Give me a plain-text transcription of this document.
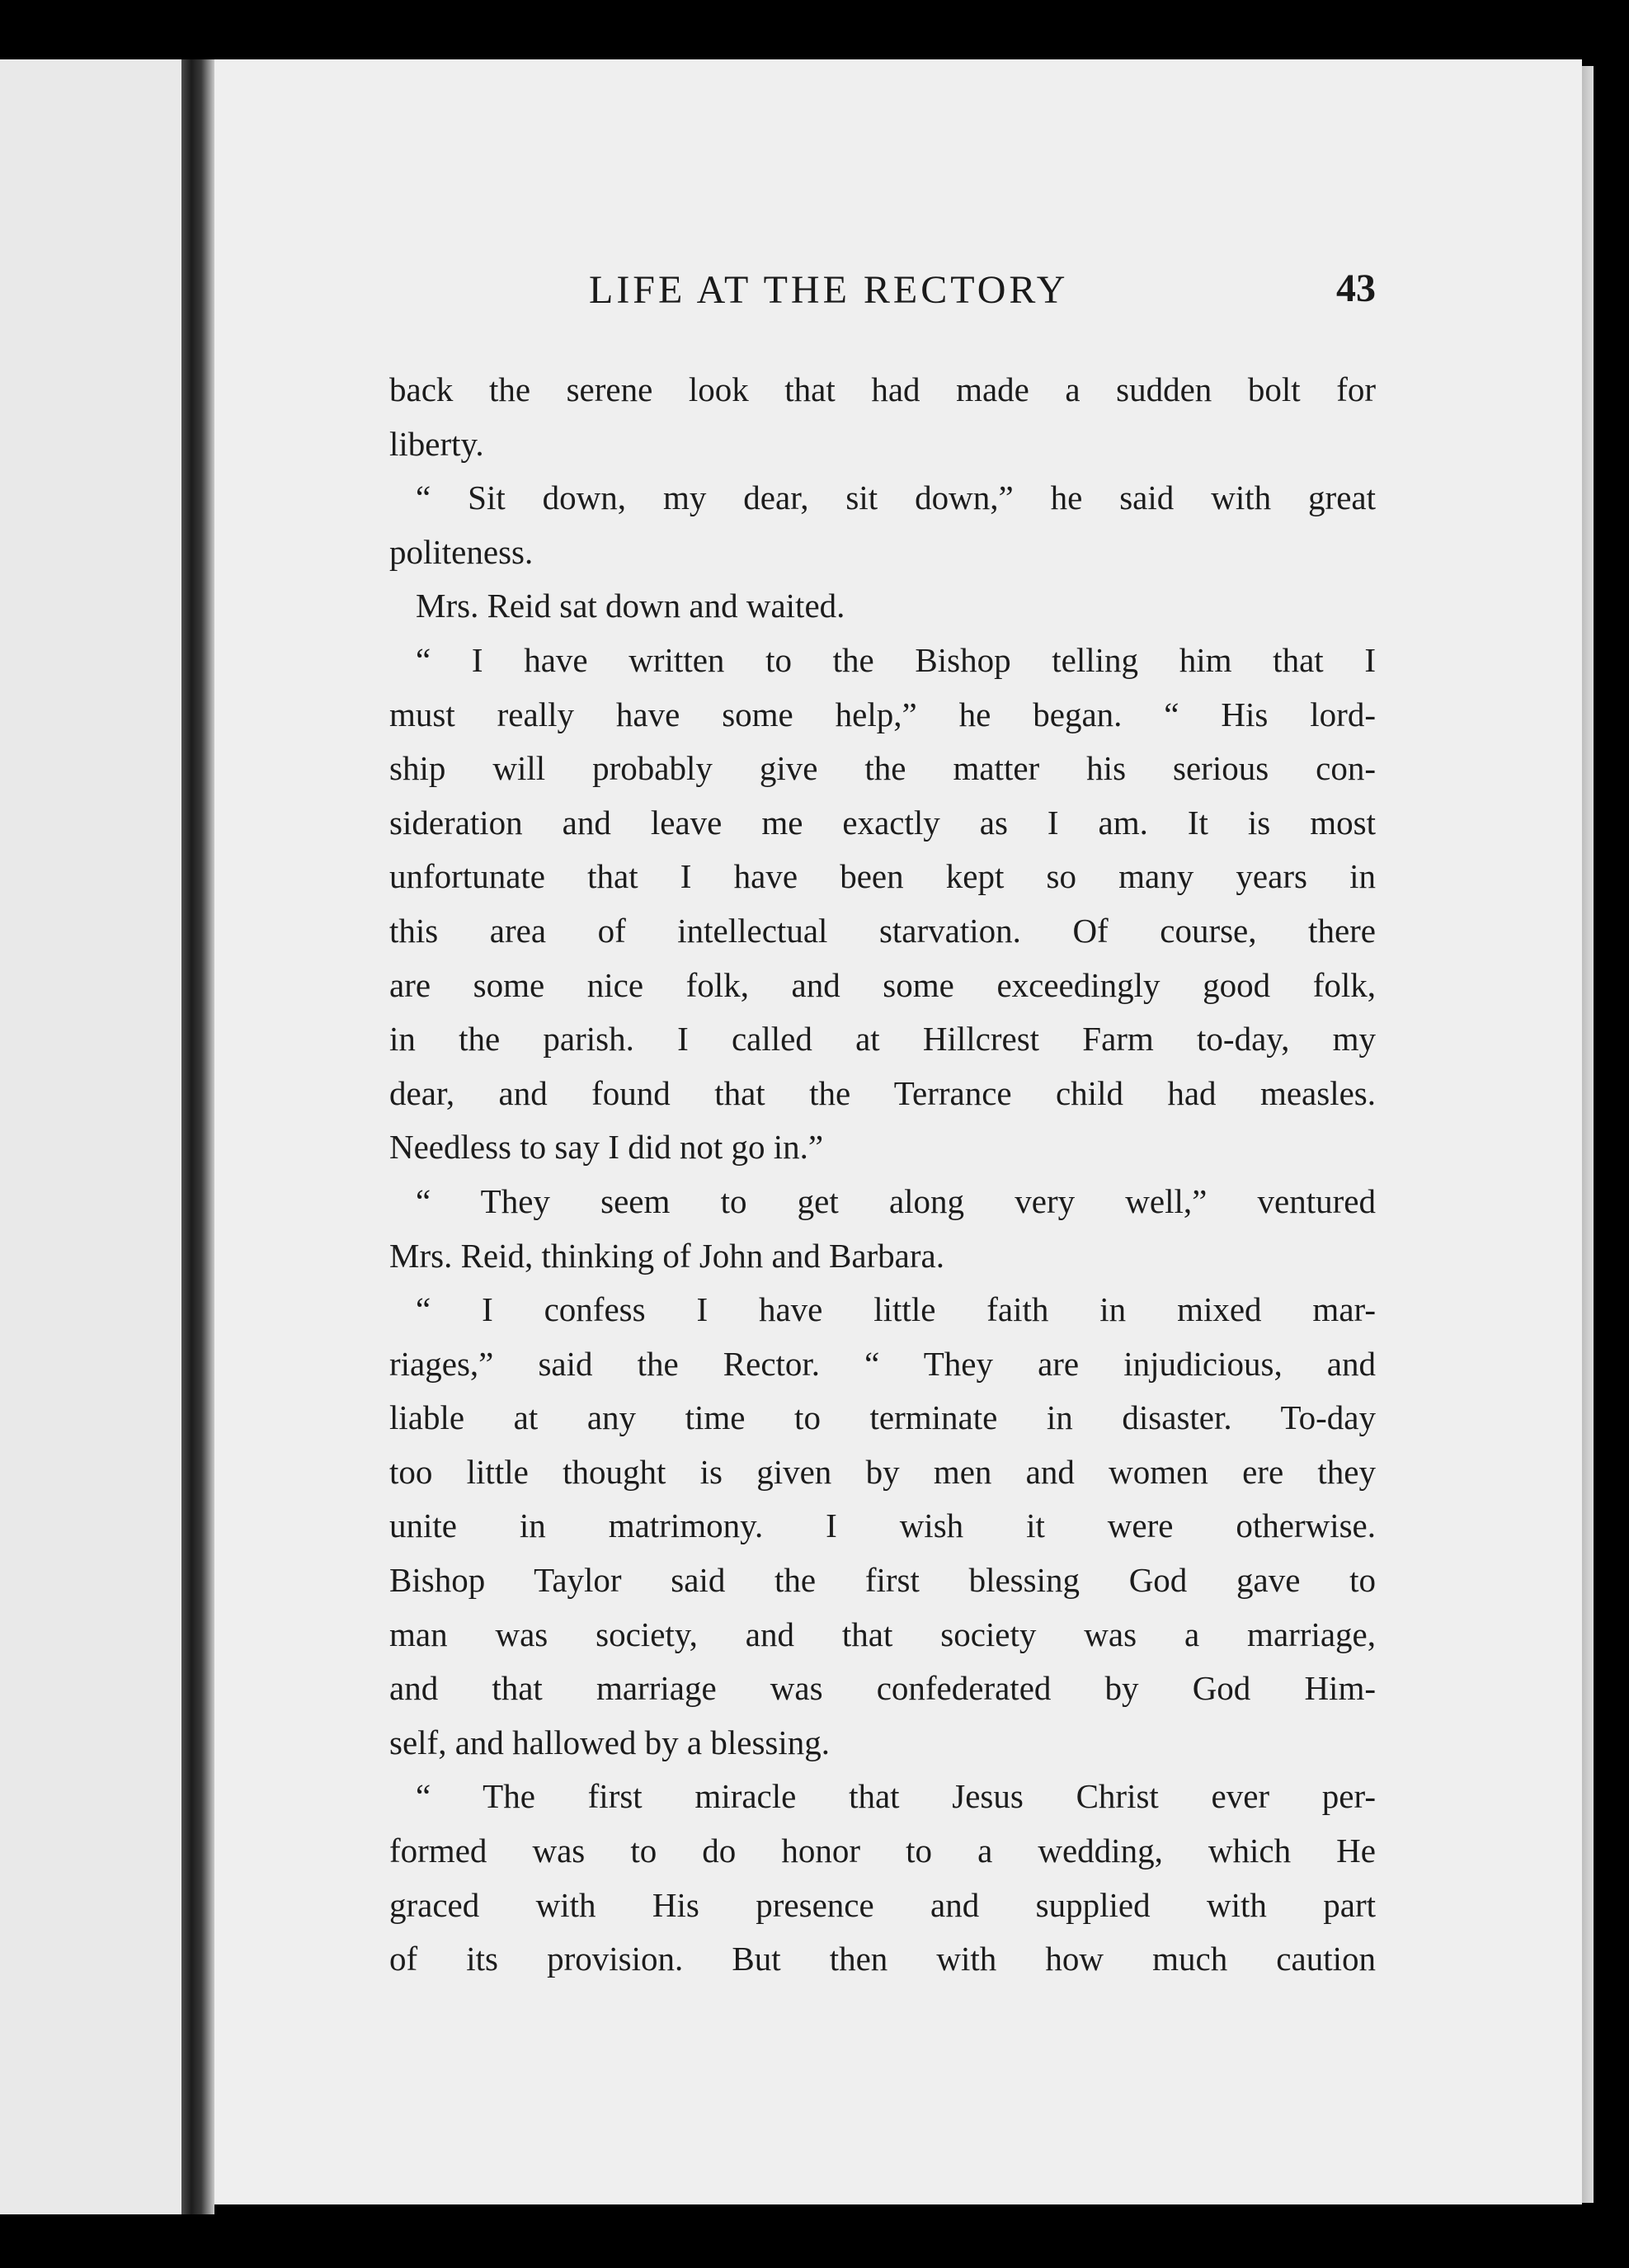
LIFE AT THE RECTORY	43

back the serene look that had made a sudden bolt for

liberty.

“ Sit down, my dear, sit down,” he said with great

politeness.

Mrs. Reid sat down and waited.

“ I have written to the Bishop telling him that I

must really have some help,” he began. “ His lord-

ship will probably give the matter his serious con-

sideration and leave me exactly as I am. It is most

unfortunate that I have been kept so many years in

this area of intellectual starvation. Of course, there

are some nice folk, and some exceedingly good folk,

in the parish. I called at Hillcrest Farm to-day, my

dear, and found that the Terrance child had measles.

Needless to say I did not go in.”

“ They seem to get along very well,” ventured

Mrs. Reid, thinking of John and Barbara.

“ I confess I have little faith in mixed mar-

riages,” said the Rector. “ They are injudicious, and

liable at any time to terminate in disaster. To-day

too little thought is given by men and women ere they

unite in matrimony. I wish it were otherwise.

Bishop Taylor said the first blessing God gave to

man was society, and that society was a marriage,

and that marriage was confederated by God Him-

self, and hallowed by a blessing.

“ The first miracle that Jesus Christ ever per-

formed was to do honor to a wedding, which He

graced with His presence and supplied with part

of its provision. But then with how much caution
